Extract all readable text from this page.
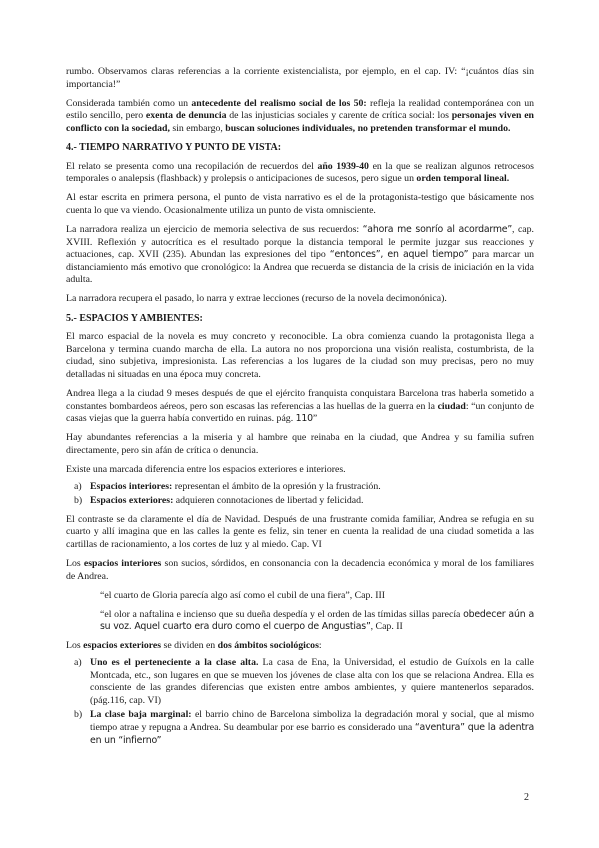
rumbo. Observamos claras referencias a la corriente existencialista, por ejemplo, en el cap. IV: “¡cuántos días sin importancia!”

Considerada también como un antecedente del realismo social de los 50: refleja la realidad contemporánea con un estilo sencillo, pero exenta de denuncia de las injusticias sociales y carente de crítica social: los personajes viven en conflicto con la sociedad, sin embargo, buscan soluciones individuales, no pretenden transformar el mundo.

4.- TIEMPO NARRATIVO Y PUNTO DE VISTA:

El relato se presenta como una recopilación de recuerdos del año 1939-40 en la que se realizan algunos retrocesos temporales o analepsis (flashback) y prolepsis o anticipaciones de sucesos, pero sigue un orden temporal lineal.

Al estar escrita en primera persona, el punto de vista narrativo es el de la protagonista-testigo que básicamente nos cuenta lo que va viendo. Ocasionalmente utiliza un punto de vista omnisciente.

La narradora realiza un ejercicio de memoria selectiva de sus recuerdos: “ahora me sonrío al acordarme”, cap. XVIII. Reflexión y autocrítica es el resultado porque la distancia temporal le permite juzgar sus reacciones y actuaciones, cap. XVII (235). Abundan las expresiones del tipo “entonces”, en aquel tiempo” para marcar un distanciamiento más emotivo que cronológico: la Andrea que recuerda se distancia de la crisis de iniciación en la vida adulta.

La narradora recupera el pasado, lo narra y extrae lecciones (recurso de la novela decimonónica).

5.- ESPACIOS Y AMBIENTES:

El marco espacial de la novela es muy concreto y reconocible. La obra comienza cuando la protagonista llega a Barcelona y termina cuando marcha de ella. La autora no nos proporciona una visión realista, costumbrista, de la ciudad, sino subjetiva, impresionista. Las referencias a los lugares de la ciudad son muy precisas, pero no muy detalladas ni situadas en una época muy concreta.

Andrea llega a la ciudad 9 meses después de que el ejército franquista conquistara Barcelona tras haberla sometido a constantes bombardeos aéreos, pero son escasas las referencias a las huellas de la guerra en la ciudad: “un conjunto de casas viejas que la guerra había convertido en ruinas. pág. 110”

Hay abundantes referencias a la miseria y al hambre que reinaba en la ciudad, que Andrea y su familia sufren directamente, pero sin afán de crítica o denuncia.

Existe una marcada diferencia entre los espacios exteriores e interiores.

a) Espacios interiores: representan el ámbito de la opresión y la frustración.
b) Espacios exteriores: adquieren connotaciones de libertad y felicidad.

El contraste se da claramente el día de Navidad. Después de una frustrante comida familiar, Andrea se refugia en su cuarto y allí imagina que en las calles la gente es feliz, sin tener en cuenta la realidad de una ciudad sometida a las cartillas de racionamiento, a los cortes de luz y al miedo. Cap. VI

Los espacios interiores son sucios, sórdidos, en consonancia con la decadencia económica y moral de los familiares de Andrea.

“el cuarto de Gloria parecía algo así como el cubil de una fiera”, Cap. III

“el olor a naftalina e incienso que su dueña despedía y el orden de las tímidas sillas parecía obedecer aún a su voz. Aquel cuarto era duro como el cuerpo de Angustias”, Cap. II

Los espacios exteriores se dividen en dos ámbitos sociológicos:

a) Uno es el perteneciente a la clase alta. La casa de Ena, la Universidad, el estudio de Guíxols en la calle Montcada, etc., son lugares en que se mueven los jóvenes de clase alta con los que se relaciona Andrea. Ella es consciente de las grandes diferencias que existen entre ambos ambientes, y quiere mantenerlos separados. (pág.116, cap. VI)
b) La clase baja marginal: el barrio chino de Barcelona simboliza la degradación moral y social, que al mismo tiempo atrae y repugna a Andrea. Su deambular por ese barrio es considerado una “aventura” que la adentra en un “infierno”
2
